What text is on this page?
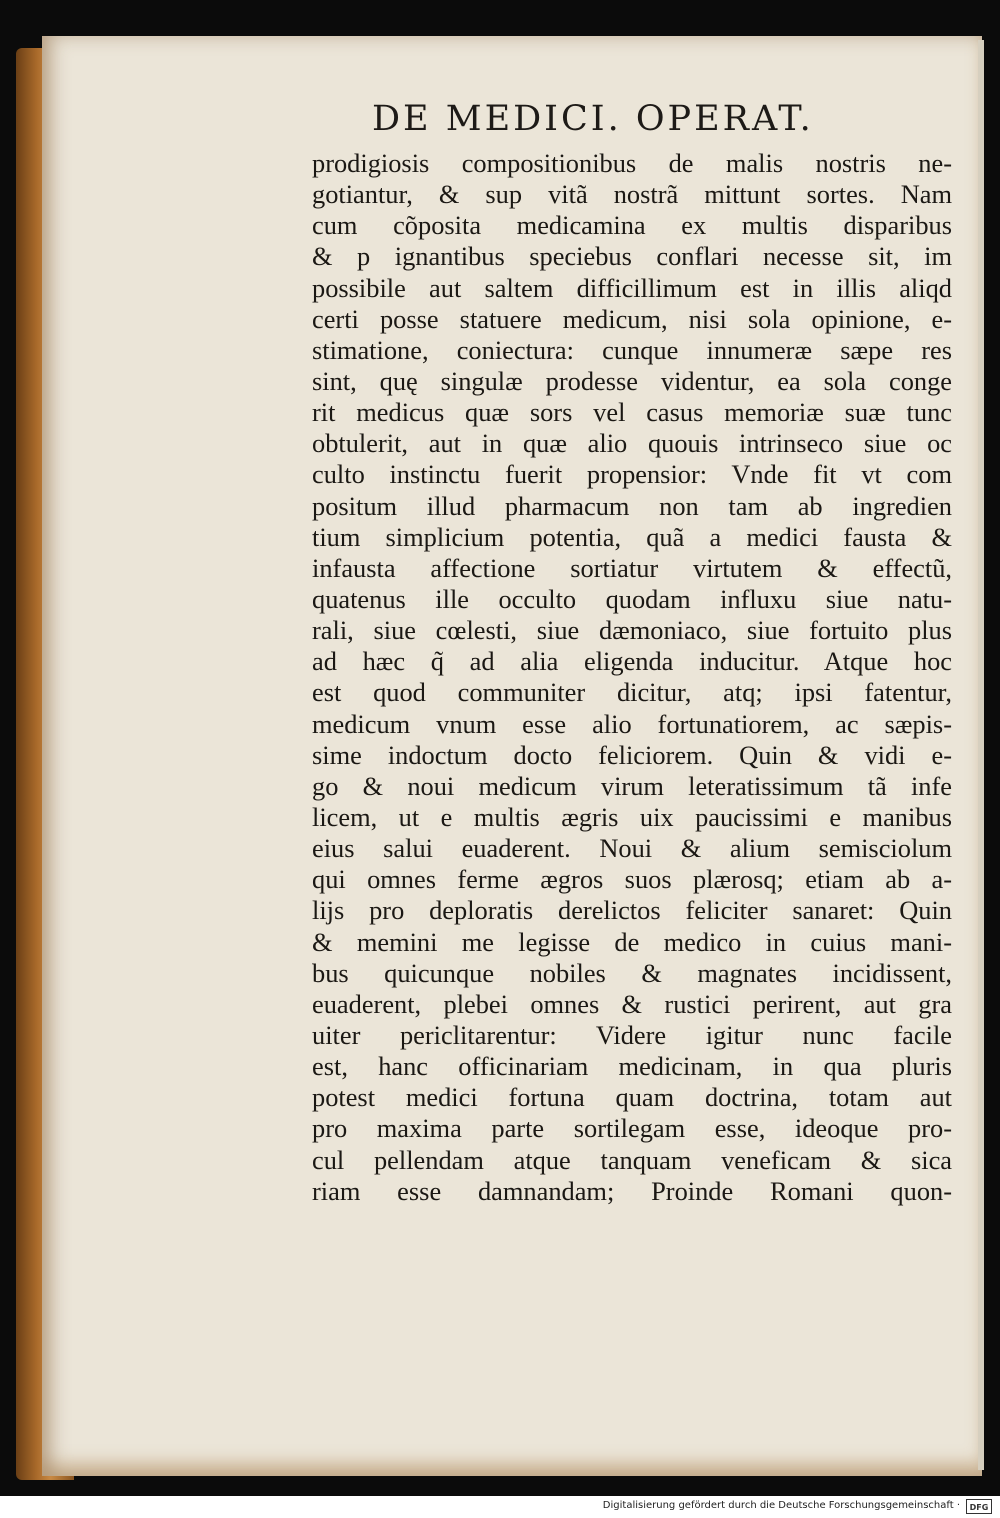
DE MEDICI. OPERAT.
prodigiosis compositionibus de malis nostris ne-
gotiantur, & sup vitã nostrã mittunt sortes. Nam
cum cõposita medicamina ex multis disparibus
& p ignantibus speciebus conflari necesse sit, im
possibile aut saltem difficillimum est in illis aliqd
certi posse statuere medicum, nisi sola opinione, e-
stimatione, coniectura: cunque innumeræ sæpe res
sint, quę singulæ prodesse videntur, ea sola conge
rit medicus quæ sors vel casus memoriæ suæ tunc
obtulerit, aut in quæ alio quouis intrinseco siue oc
culto instinctu fuerit propensior: Vnde fit vt com
positum illud pharmacum non tam ab ingredien
tium simplicium potentia, quã a medici fausta &
infausta affectione sortiatur virtutem & effectũ,
quatenus ille occulto quodam influxu siue natu-
rali, siue cœlesti, siue dæmoniaco, siue fortuito plus
ad hæc q̃ ad alia eligenda inducitur. Atque hoc
est quod communiter dicitur, atq; ipsi fatentur,
medicum vnum esse alio fortunatiorem, ac sæpis-
sime indoctum docto feliciorem. Quin & vidi e-
go & noui medicum virum leteratissimum tã infe
licem, ut e multis ægris uix paucissimi e manibus
eius salui euaderent. Noui & alium semisciolum
qui omnes ferme ægros suos plærosq; etiam ab a-
lijs pro deploratis derelictos feliciter sanaret: Quin
& memini me legisse de medico in cuius mani-
bus quicunque nobiles & magnates incidissent,
euaderent, plebei omnes & rustici perirent, aut gra
uiter periclitarentur: Videre igitur nunc facile
est, hanc officinariam medicinam, in qua pluris
potest medici fortuna quam doctrina, totam aut
pro maxima parte sortilegam esse, ideoque pro-
cul pellendam atque tanquam veneficam & sica
riam esse damnandam; Proinde Romani quon-
Digitalisierung gefördert durch die Deutsche Forschungsgemeinschaft ·	DFG
